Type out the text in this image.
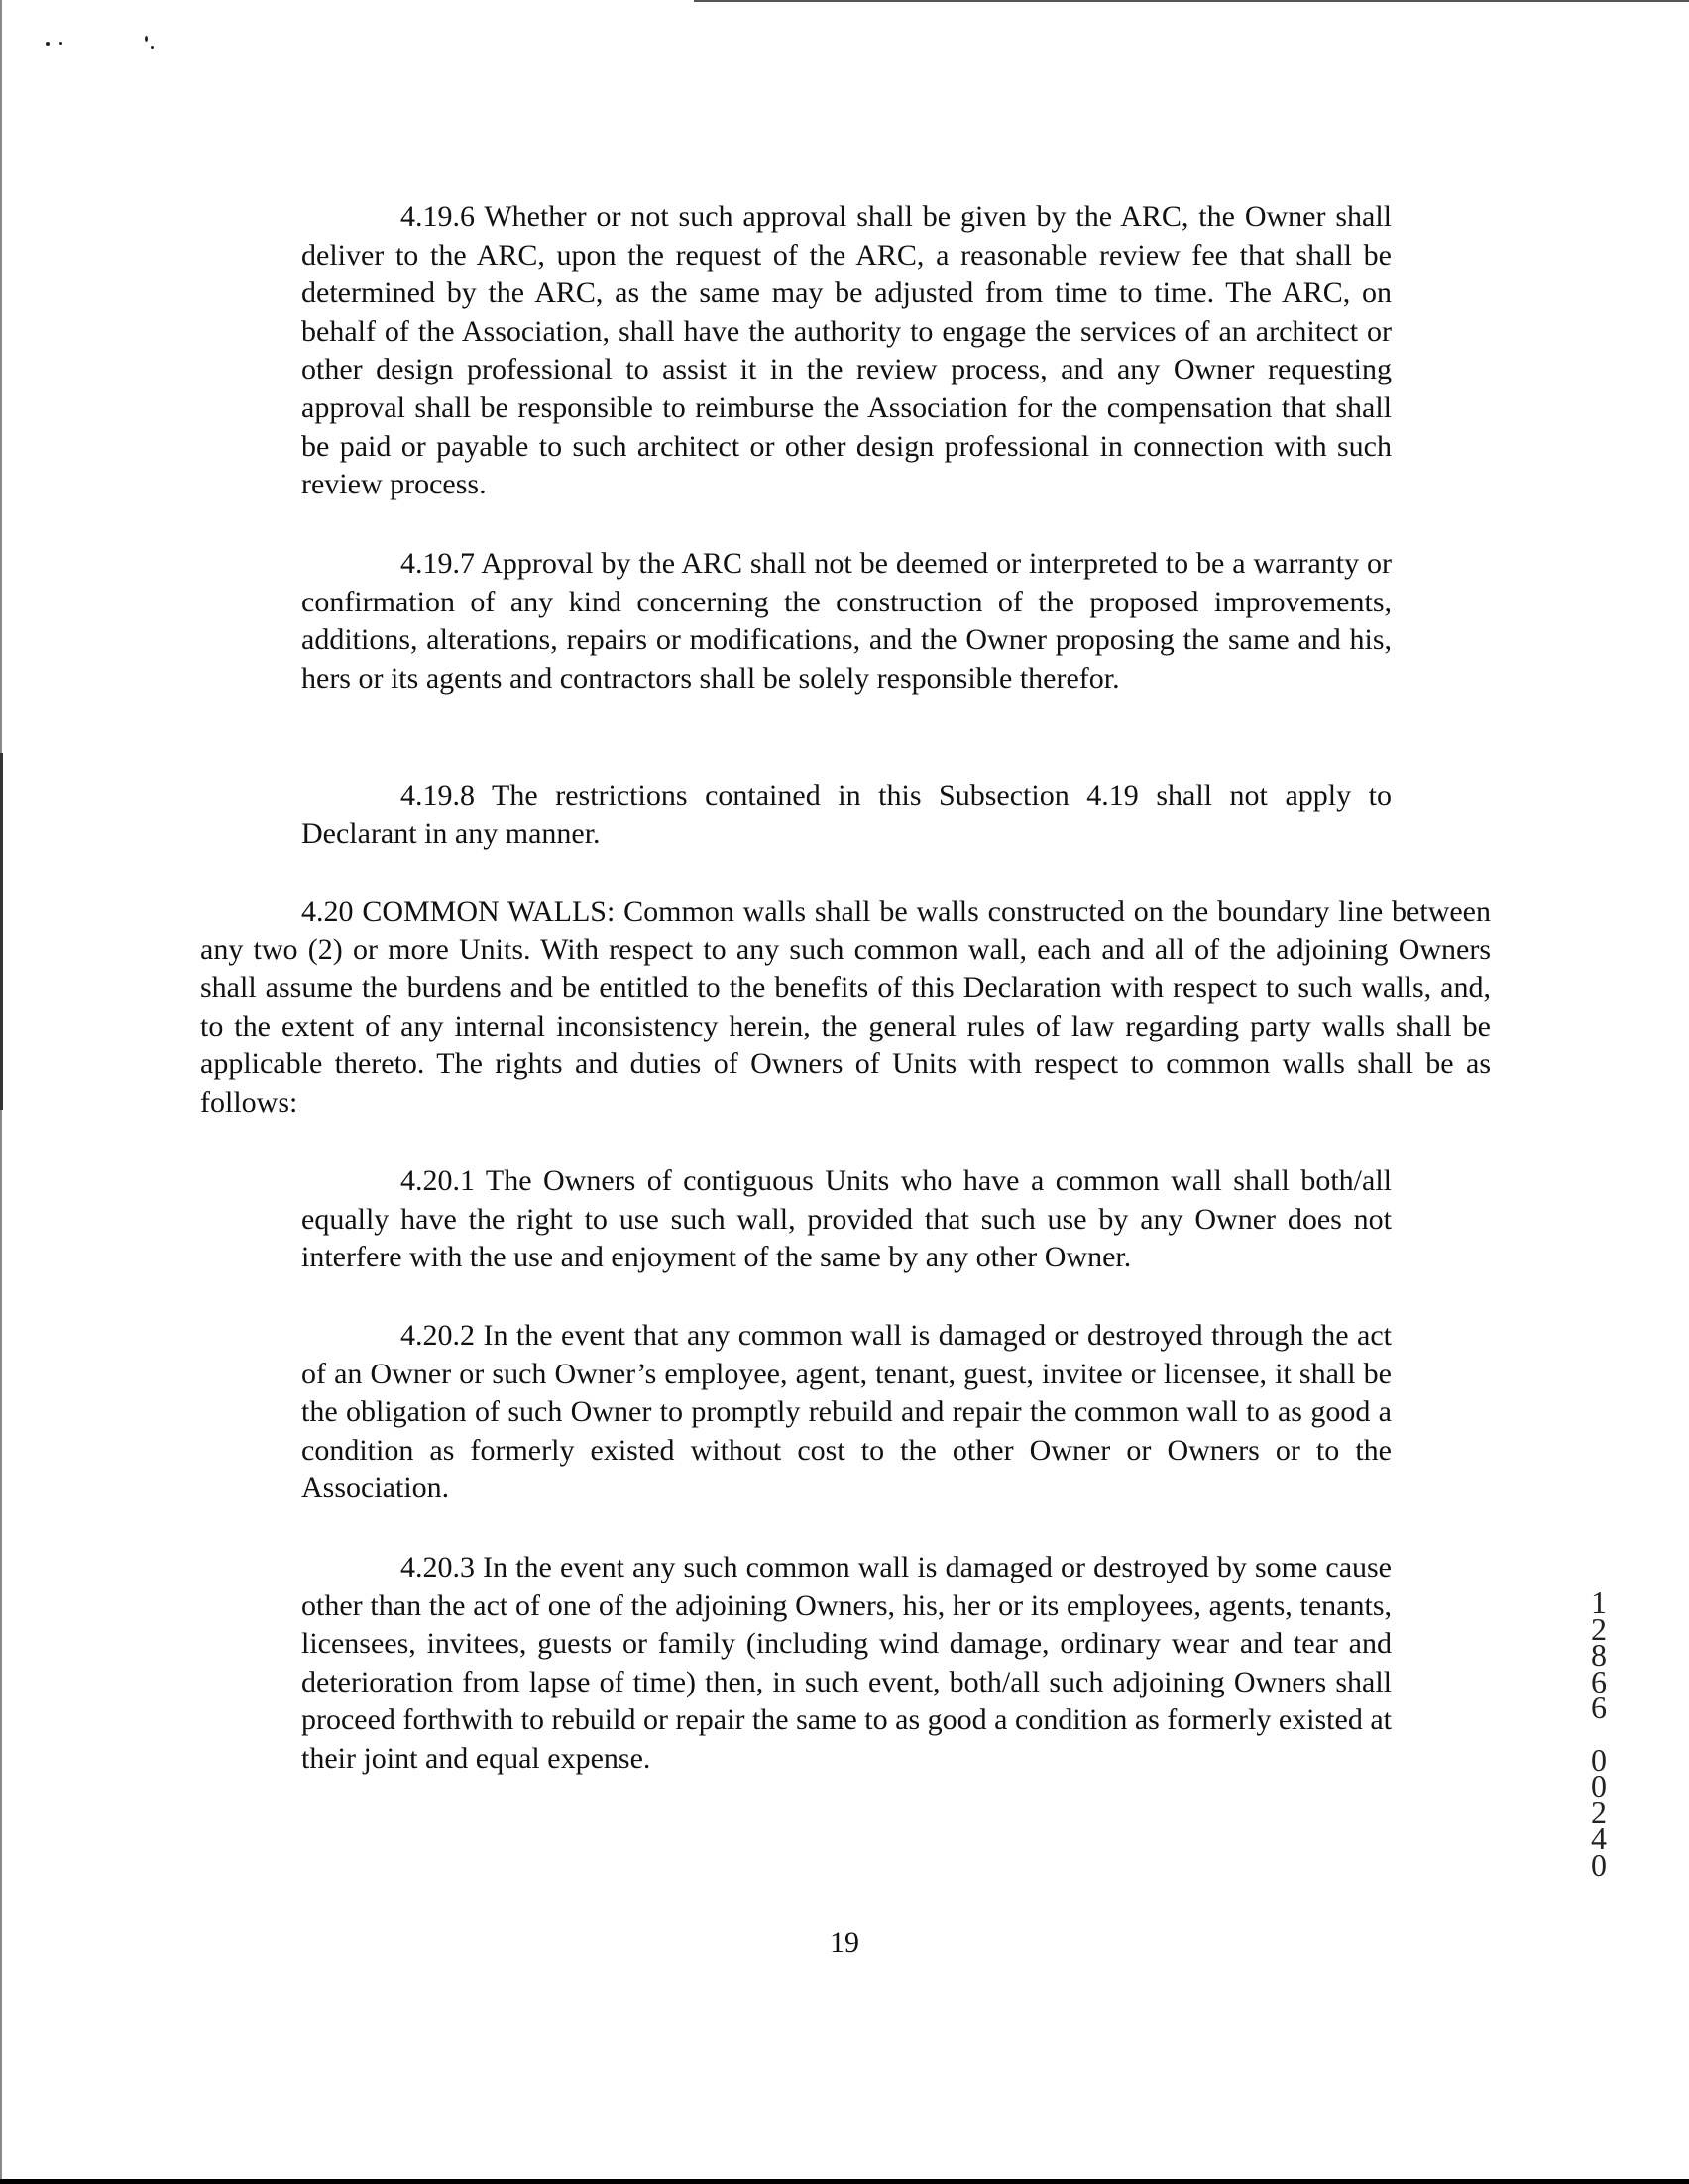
4.19.6 Whether or not such approval shall be given by the ARC, the Owner shall deliver to the ARC, upon the request of the ARC, a reasonable review fee that shall be determined by the ARC, as the same may be adjusted from time to time. The ARC, on behalf of the Association, shall have the authority to engage the services of an architect or other design professional to assist it in the review process, and any Owner requesting approval shall be responsible to reimburse the Association for the compensation that shall be paid or payable to such architect or other design professional in connection with such review process.

4.19.7 Approval by the ARC shall not be deemed or interpreted to be a warranty or confirmation of any kind concerning the construction of the proposed improvements, additions, alterations, repairs or modifications, and the Owner proposing the same and his, hers or its agents and contractors shall be solely responsible therefor.

4.19.8 The restrictions contained in this Subsection 4.19 shall not apply to Declarant in any manner.

4.20 COMMON WALLS: Common walls shall be walls constructed on the boundary line between any two (2) or more Units. With respect to any such common wall, each and all of the adjoining Owners shall assume the burdens and be entitled to the benefits of this Declaration with respect to such walls, and, to the extent of any internal inconsistency herein, the general rules of law regarding party walls shall be applicable thereto. The rights and duties of Owners of Units with respect to common walls shall be as follows:

4.20.1 The Owners of contiguous Units who have a common wall shall both/all equally have the right to use such wall, provided that such use by any Owner does not interfere with the use and enjoyment of the same by any other Owner.

4.20.2 In the event that any common wall is damaged or destroyed through the act of an Owner or such Owner’s employee, agent, tenant, guest, invitee or licensee, it shall be the obligation of such Owner to promptly rebuild and repair the common wall to as good a condition as formerly existed without cost to the other Owner or Owners or to the Association.

4.20.3 In the event any such common wall is damaged or destroyed by some cause other than the act of one of the adjoining Owners, his, her or its employees, agents, tenants, licensees, invitees, guests or family (including wind damage, ordinary wear and tear and deterioration from lapse of time) then, in such event, both/all such adjoining Owners shall proceed forthwith to rebuild or repair the same to as good a condition as formerly existed at their joint and equal expense.

19
1
2
8
6
6
0
0
2
4
0
